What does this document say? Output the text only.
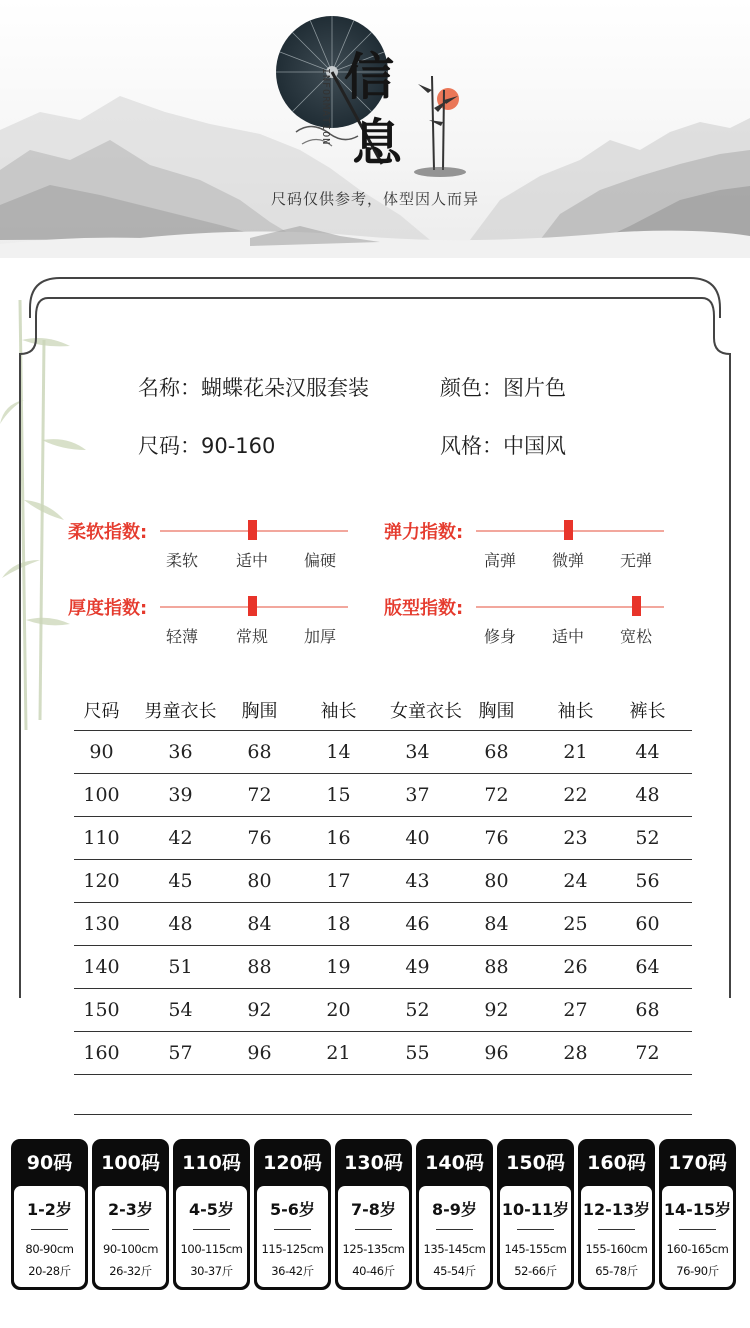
INFORMATION 信
息
尺码仅供参考，体型因人而异
名称：蝴蝶花朵汉服套装	颜色：图片色
尺码：90-160	风格：中国风
柔软指数:
柔软 适中 偏硬
弹力指数:
高弹 微弹 无弹
厚度指数:
轻薄 常规 加厚
版型指数:
修身 适中 宽松
尺码	男童衣长	胸围	袖长	女童衣长	胸围	袖长	裤长
90	36	68	14	34	68	21	44
100	39	72	15	37	72	22	48
110	42	76	16	40	76	23	52
120	45	80	17	43	80	24	56
130	48	84	18	46	84	25	60
140	51	88	19	49	88	26	64
150	54	92	20	52	92	27	68
160	57	96	21	55	96	28	72
90码
1-2岁
80-90cm
20-28斤
100码
2-3岁
90-100cm
26-32斤
110码
4-5岁
100-115cm
30-37斤
120码
5-6岁
115-125cm
36-42斤
130码
7-8岁
125-135cm
40-46斤
140码
8-9岁
135-145cm
45-54斤
150码
10-11岁
145-155cm
52-66斤
160码
12-13岁
155-160cm
65-78斤
170码
14-15岁
160-165cm
76-90斤
